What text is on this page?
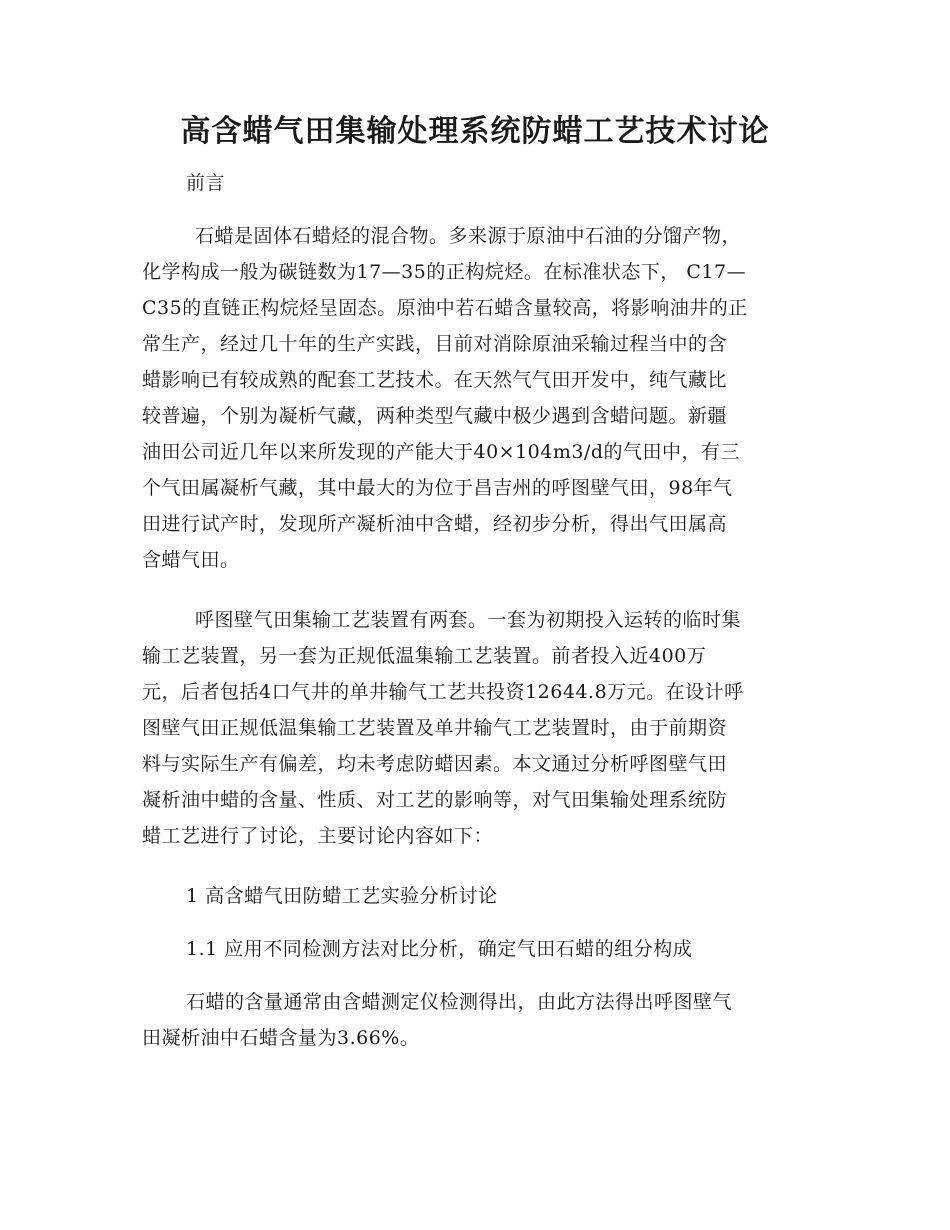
高含蜡气田集输处理系统防蜡工艺技术讨论
前言
石蜡是固体石蜡烃的混合物。多来源于原油中石油的分馏产物，
化学构成一般为碳链数为17—35的正构烷烃。在标准状态下， C17—
C35的直链正构烷烃呈固态。原油中若石蜡含量较高，将影响油井的正
常生产，经过几十年的生产实践，目前对消除原油采输过程当中的含
蜡影响已有较成熟的配套工艺技术。在天然气气田开发中，纯气藏比
较普遍，个别为凝析气藏，两种类型气藏中极少遇到含蜡问题。新疆
油田公司近几年以来所发现的产能大于40×104m3/d的气田中，有三
个气田属凝析气藏，其中最大的为位于昌吉州的呼图壁气田，98年气
田进行试产时，发现所产凝析油中含蜡，经初步分析，得出气田属高
含蜡气田。
呼图壁气田集输工艺装置有两套。一套为初期投入运转的临时集
输工艺装置，另一套为正规低温集输工艺装置。前者投入近400万
元，后者包括4口气井的单井输气工艺共投资12644.8万元。在设计呼
图壁气田正规低温集输工艺装置及单井输气工艺装置时，由于前期资
料与实际生产有偏差，均未考虑防蜡因素。本文通过分析呼图壁气田
凝析油中蜡的含量、性质、对工艺的影响等，对气田集输处理系统防
蜡工艺进行了讨论，主要讨论内容如下：
1 高含蜡气田防蜡工艺实验分析讨论
1.1 应用不同检测方法对比分析，确定气田石蜡的组分构成
石蜡的含量通常由含蜡测定仪检测得出，由此方法得出呼图壁气
田凝析油中石蜡含量为3.66%。
